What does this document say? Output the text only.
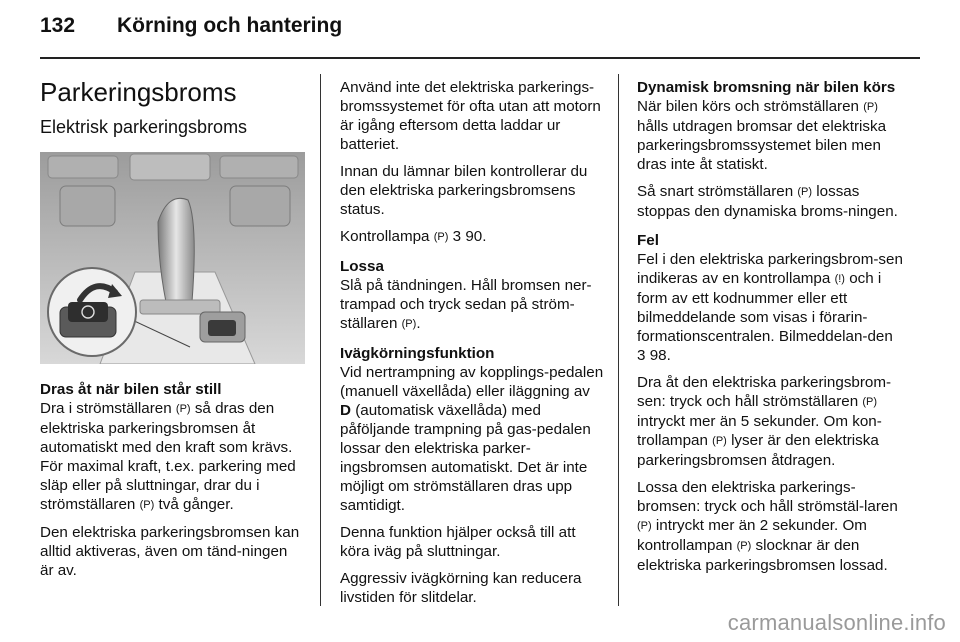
132 Körning och hantering
Parkeringsbroms
Elektrisk parkeringsbroms
Dras åt när bilen står still

Dra i strömställaren (P) så dras den elektriska parkeringsbromsen åt automatiskt med den kraft som krävs. För maximal kraft, t.ex. parkering med släp eller på sluttningar, drar du i strömställaren (P) två gånger.

Den elektriska parkeringsbromsen kan alltid aktiveras, även om tänd-ningen är av.

Använd inte det elektriska parkerings-bromssystemet för ofta utan att motorn är igång eftersom detta laddar ur batteriet.

Innan du lämnar bilen kontrollerar du den elektriska parkeringsbromsens status.

Kontrollampa (P) 3 90.

Lossa

Slå på tändningen. Håll bromsen ner-trampad och tryck sedan på ström-ställaren (P).

Ivägkörningsfunktion

Vid nertrampning av kopplings-pedalen (manuell växellåda) eller iläggning av D (automatisk växellåda) med påföljande trampning på gas-pedalen lossar den elektriska parker-ingsbromsen automatiskt. Det är inte möjligt om strömställaren dras upp samtidigt.

Denna funktion hjälper också till att köra iväg på sluttningar.

Aggressiv ivägkörning kan reducera livstiden för slitdelar.

Dynamisk bromsning när bilen körs

När bilen körs och strömställaren (P) hålls utdragen bromsar det elektriska parkeringsbromssystemet bilen men dras inte åt statiskt.

Så snart strömställaren (P) lossas stoppas den dynamiska broms-ningen.

Fel

Fel i den elektriska parkeringsbrom-sen indikeras av en kontrollampa (!) och i form av ett kodnummer eller ett bilmeddelande som visas i förarin-formationscentralen. Bilmeddelan-den 3 98.

Dra åt den elektriska parkeringsbrom-sen: tryck och håll strömställaren (P) intryckt mer än 5 sekunder. Om kon-trollampan (P) lyser är den elektriska parkeringsbromsen åtdragen.

Lossa den elektriska parkerings-bromsen: tryck och håll strömstäl-laren (P) intryckt mer än 2 sekunder. Om kontrollampan (P) slocknar är den elektriska parkeringsbromsen lossad.

carmanualsonline.info
